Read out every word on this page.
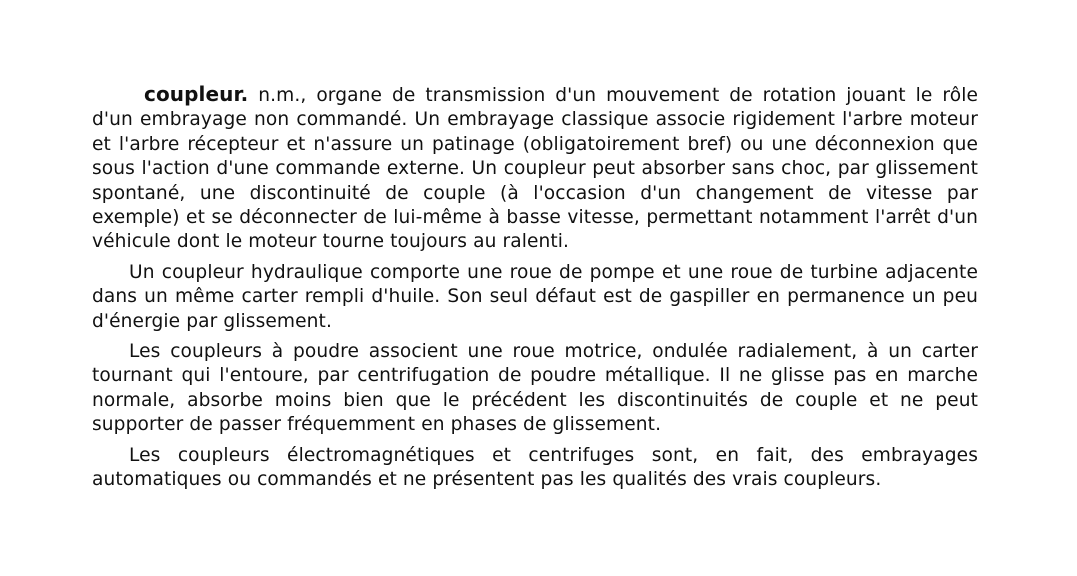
coupleur. n.m., organe de transmission d'un mouvement de rotation jouant le rôle d'un embrayage non commandé. Un embrayage classique associe rigidement l'arbre moteur et l'arbre récepteur et n'assure un patinage (obligatoirement bref) ou une déconnexion que sous l'action d'une commande externe. Un coupleur peut absorber sans choc, par glissement spontané, une discontinuité de couple (à l'occasion d'un changement de vitesse par exemple) et se déconnecter de lui-même à basse vitesse, permettant notamment l'arrêt d'un véhicule dont le moteur tourne toujours au ralenti.

Un coupleur hydraulique comporte une roue de pompe et une roue de turbine adjacente dans un même carter rempli d'huile. Son seul défaut est de gaspiller en permanence un peu d'énergie par glissement.

Les coupleurs à poudre associent une roue motrice, ondulée radialement, à un carter tournant qui l'entoure, par centrifugation de poudre métallique. Il ne glisse pas en marche normale, absorbe moins bien que le précédent les discontinuités de couple et ne peut supporter de passer fréquemment en phases de glissement.

Les coupleurs électromagnétiques et centrifuges sont, en fait, des embrayages automatiques ou commandés et ne présentent pas les qualités des vrais coupleurs.
